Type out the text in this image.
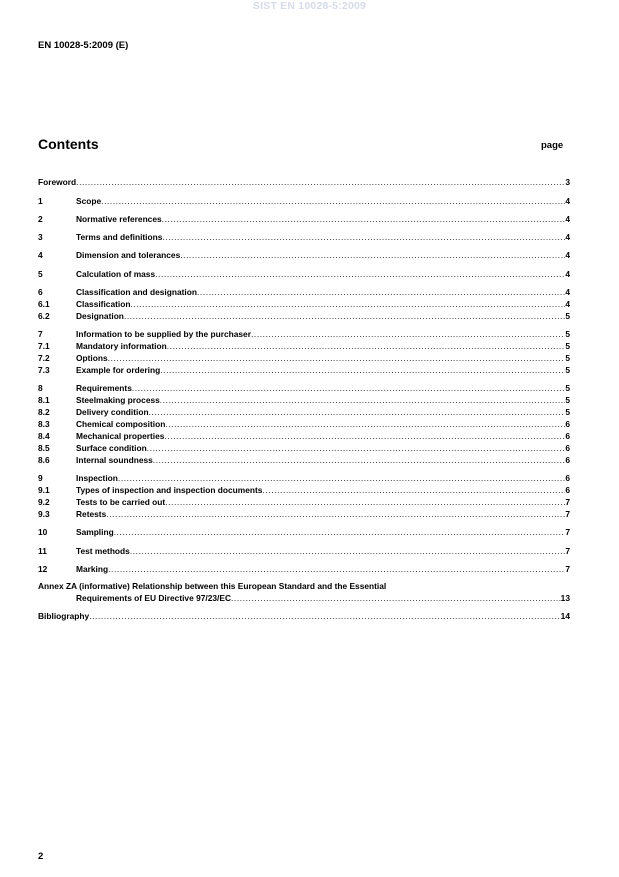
SIST EN 10028-5:2009
EN 10028-5:2009 (E)
Contents	page
Foreword .....	3
1	Scope .....	4
2	Normative references .....	4
3	Terms and definitions .....	4
4	Dimension and tolerances .....	4
5	Calculation of mass .....	4
6	Classification and designation .....	4
6.1	Classification .....	4
6.2	Designation .....	5
7	Information to be supplied by the purchaser .....	5
7.1	Mandatory information .....	5
7.2	Options .....	5
7.3	Example for ordering .....	5
8	Requirements .....	5
8.1	Steelmaking process .....	5
8.2	Delivery condition .....	5
8.3	Chemical composition .....	6
8.4	Mechanical properties .....	6
8.5	Surface condition .....	6
8.6	Internal soundness .....	6
9	Inspection .....	6
9.1	Types of inspection and inspection documents .....	6
9.2	Tests to be carried out .....	7
9.3	Retests .....	7
10	Sampling .....	7
11	Test methods .....	7
12	Marking .....	7
Annex ZA (informative) Relationship between this European Standard and the Essential
Requirements of EU Directive 97/23/EC .....	13
Bibliography .....	14
2
